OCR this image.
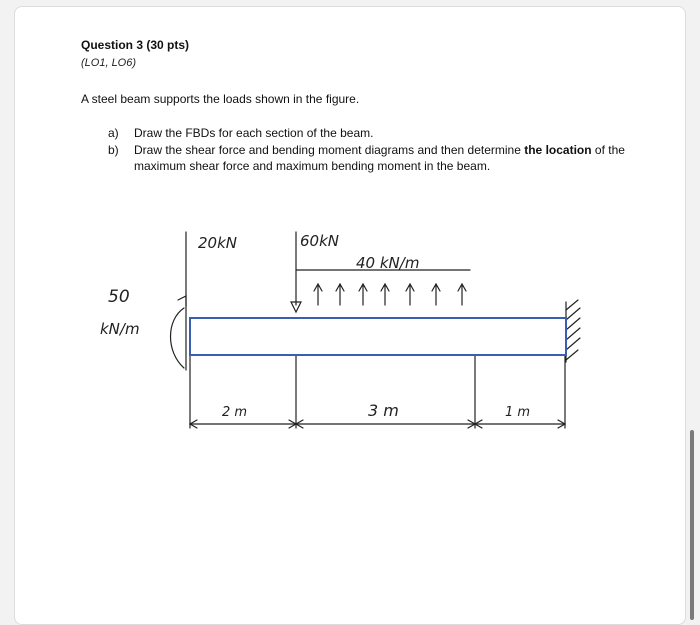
Question 3 (30 pts)
(LO1, LO6)
A steel beam supports the loads shown in the figure.
a) Draw the FBDs for each section of the beam.
b) Draw the shear force and bending moment diagrams and then determine the location of the maximum shear force and maximum bending moment in the beam.
20kN	60kN
40 kN/m
50
kN/m
2 m	3 m	1 m
